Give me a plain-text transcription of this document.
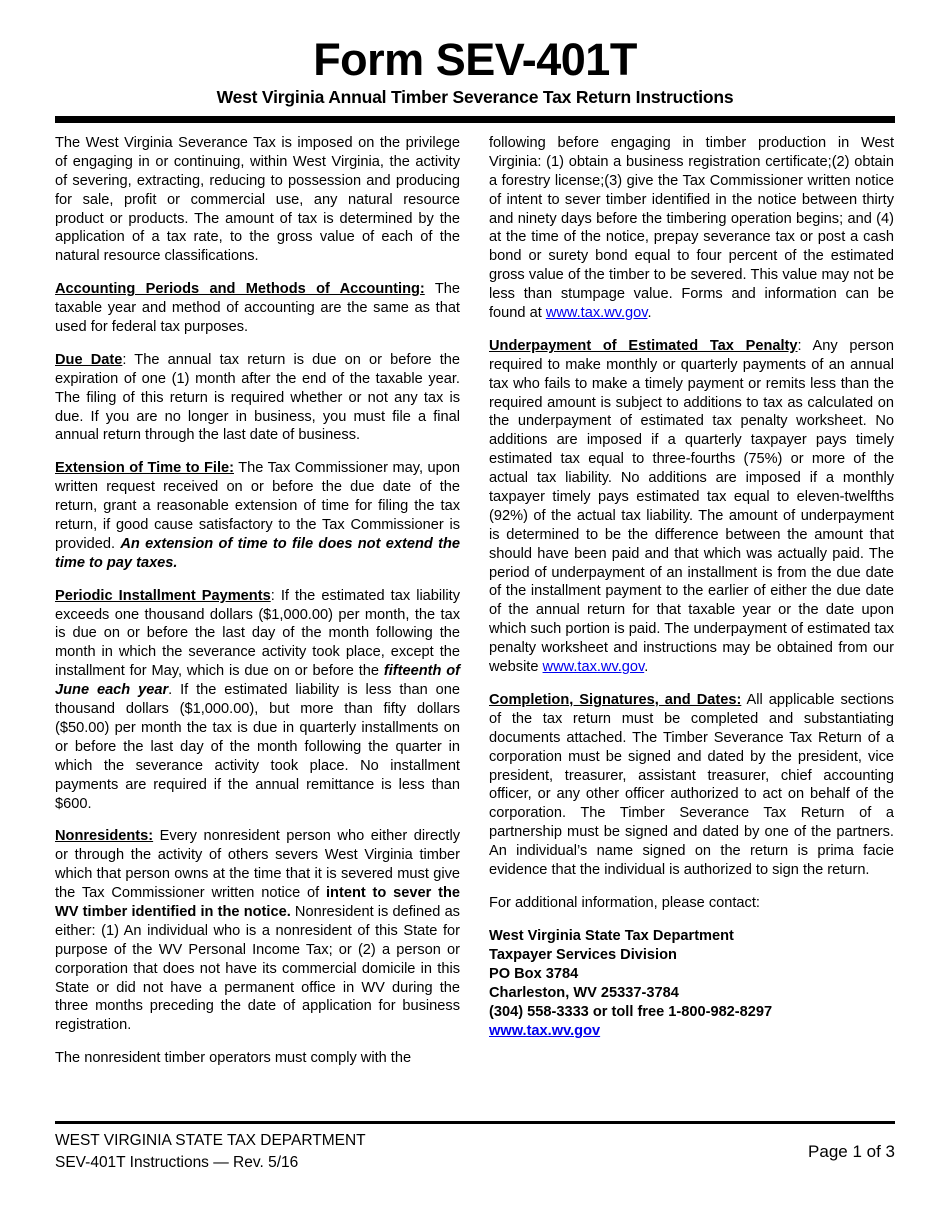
Form SEV-401T
West Virginia Annual Timber Severance Tax Return Instructions

The West Virginia Severance Tax is imposed on the privilege of engaging in or continuing, within West Virginia, the activity of severing, extracting, reducing to possession and producing for sale, profit or commercial use, any natural resource product or products. The amount of tax is determined by the application of a tax rate, to the gross value of each of the natural resource classifications.

Accounting Periods and Methods of Accounting: The taxable year and method of accounting are the same as that used for federal tax purposes.

Due Date: The annual tax return is due on or before the expiration of one (1) month after the end of the taxable year. The filing of this return is required whether or not any tax is due. If you are no longer in business, you must file a final annual return through the last date of business.

Extension of Time to File: The Tax Commissioner may, upon written request received on or before the due date of the return, grant a reasonable extension of time for filing the tax return, if good cause satisfactory to the Tax Commissioner is provided. An extension of time to file does not extend the time to pay taxes.

Periodic Installment Payments: If the estimated tax liability exceeds one thousand dollars ($1,000.00) per month, the tax is due on or before the last day of the month following the month in which the severance activity took place, except the installment for May, which is due on or before the fifteenth of June each year. If the estimated liability is less than one thousand dollars ($1,000.00), but more than fifty dollars ($50.00) per month the tax is due in quarterly installments on or before the last day of the month following the quarter in which the severance activity took place. No installment payments are required if the annual remittance is less than $600.

Nonresidents: Every nonresident person who either directly or through the activity of others severs West Virginia timber which that person owns at the time that it is severed must give the Tax Commissioner written notice of intent to sever the WV timber identified in the notice. Nonresident is defined as either: (1) An individual who is a nonresident of this State for purpose of the WV Personal Income Tax; or (2) a person or corporation that does not have its commercial domicile in this State or did not have a permanent office in WV during the three months preceding the date of application for business registration.

The nonresident timber operators must comply with the

following before engaging in timber production in West Virginia: (1) obtain a business registration certificate;(2) obtain a forestry license;(3) give the Tax Commissioner written notice of intent to sever timber identified in the notice between thirty and ninety days before the timbering operation begins; and (4) at the time of the notice, prepay severance tax or post a cash bond or surety bond equal to four percent of the estimated gross value of the timber to be severed. This value may not be less than stumpage value. Forms and information can be found at www.tax.wv.gov.

Underpayment of Estimated Tax Penalty: Any person required to make monthly or quarterly payments of an annual tax who fails to make a timely payment or remits less than the required amount is subject to additions to tax as calculated on the underpayment of estimated tax penalty worksheet. No additions are imposed if a quarterly taxpayer pays timely estimated tax equal to three-fourths (75%) or more of the actual tax liability. No additions are imposed if a monthly taxpayer timely pays estimated tax equal to eleven-twelfths (92%) of the actual tax liability. The amount of underpayment is determined to be the difference between the amount that should have been paid and that which was actually paid. The period of underpayment of an installment is from the due date of the installment payment to the earlier of either the due date of the annual return for that taxable year or the date upon which such portion is paid. The underpayment of estimated tax penalty worksheet and instructions may be obtained from our website www.tax.wv.gov.

Completion, Signatures, and Dates: All applicable sections of the tax return must be completed and substantiating documents attached. The Timber Severance Tax Return of a corporation must be signed and dated by the president, vice president, treasurer, assistant treasurer, chief accounting officer, or any other officer authorized to act on behalf of the corporation. The Timber Severance Tax Return of a partnership must be signed and dated by one of the partners. An individual’s name signed on the return is prima facie evidence that the individual is authorized to sign the return.

For additional information, please contact:

West Virginia State Tax Department
Taxpayer Services Division
PO Box 3784
Charleston, WV 25337-3784
(304) 558-3333 or toll free 1-800-982-8297
www.tax.wv.gov
WEST VIRGINIA STATE TAX DEPARTMENT
SEV-401T Instructions — Rev. 5/16
Page 1 of 3
